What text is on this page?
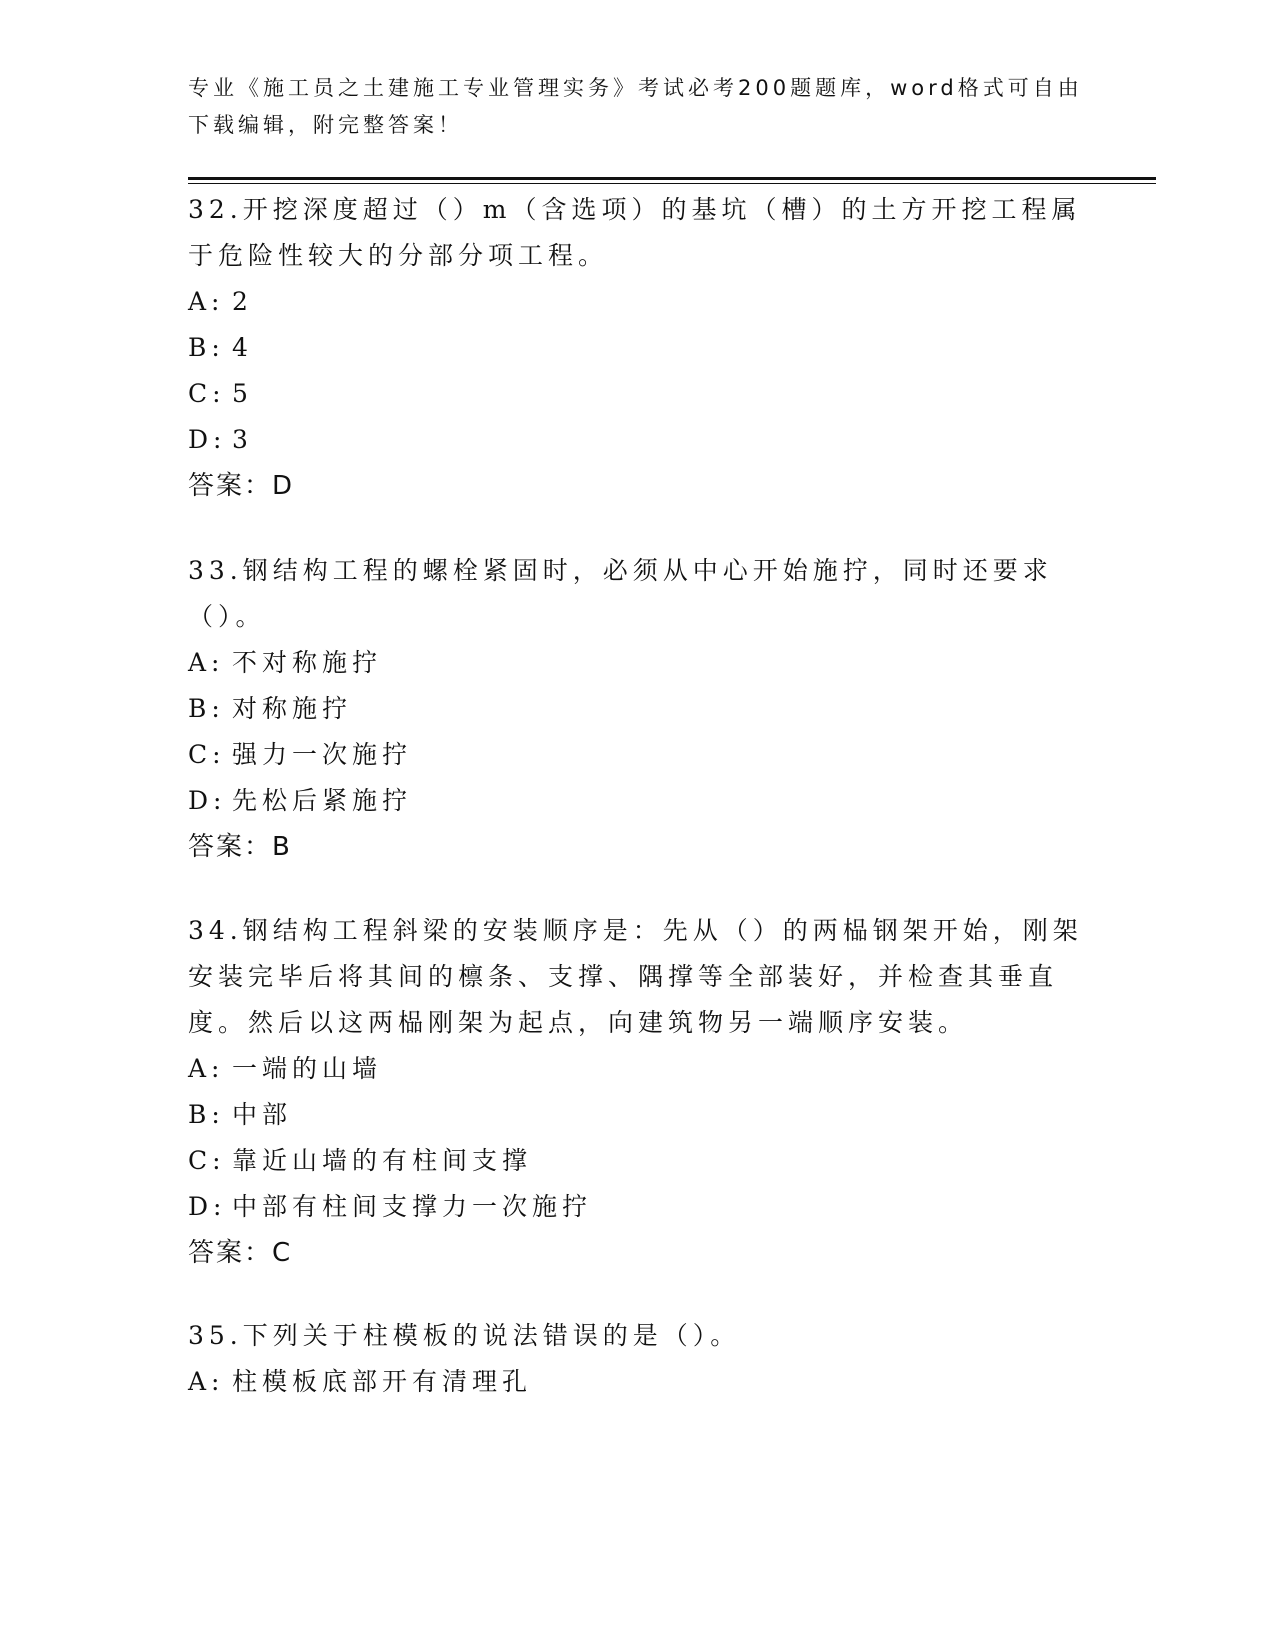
专业《施工员之土建施工专业管理实务》考试必考200题题库，word格式可自由下载编辑，附完整答案！

32.开挖深度超过（）m（含选项）的基坑（槽）的土方开挖工程属于危险性较大的分部分项工程。

A: 2
B: 4
C: 5
D: 3
答案：D

33.钢结构工程的螺栓紧固时，必须从中心开始施拧，同时还要求（）。

A: 不对称施拧
B: 对称施拧
C: 强力一次施拧
D: 先松后紧施拧
答案：B

34.钢结构工程斜梁的安装顺序是：先从（）的两榀钢架开始，刚架安装完毕后将其间的檩条、支撑、隅撑等全部装好，并检查其垂直度。然后以这两榀刚架为起点，向建筑物另一端顺序安装。

A: 一端的山墙
B: 中部
C: 靠近山墙的有柱间支撑
D: 中部有柱间支撑力一次施拧
答案：C

35.下列关于柱模板的说法错误的是（）。

A: 柱模板底部开有清理孔
